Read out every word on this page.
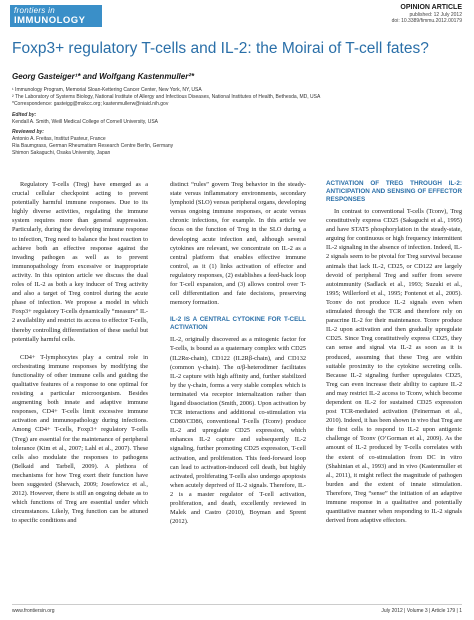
frontiers in
IMMUNOLOGY
OPINION ARTICLE
published: 12 July 2012
doi: 10.3389/fimmu.2012.00179
Foxp3+ regulatory T-cells and IL-2: the Moirai of T-cell fates?
Georg Gasteiger¹* and Wolfgang Kastenmuller²*
¹ Immunology Program, Memorial Sloan-Kettering Cancer Center, New York, NY, USA
² The Laboratory of Systems Biology, National Institute of Allergy and Infectious Diseases, National Institutes of Health, Bethesda, MD, USA
*Correspondence: gasteigg@mskcc.org; kastenmullerw@niaid.nih.gov
Edited by:
Kendall A. Smith, Weill Medical College of Cornell University, USA
Reviewed by:
Antonio A. Freitas, Institut Pasteur, France
Ria Baumgrass, German Rheumatism Research Centre Berlin, Germany
Shimon Sakaguchi, Osaka University, Japan

Regulatory T-cells (Treg) have emerged as a crucial cellular checkpoint acting to prevent potentially harmful immune responses. Due to its highly diverse activities, regulating the immune system requires more than general suppression. Particularly, during the developing immune response to infection, Treg need to balance the host reaction to achieve both an effective response against the invading pathogen as well as to prevent immunopathology from excessive or inappropriate activity. In this opinion article we discuss the dual roles of IL-2 as both a key inducer of Treg activity and also a target of Treg control during the acute phase of infection. We propose a model in which Foxp3+ regulatory T-cells dynamically “measure” IL-2 availability and restrict its access to effector T-cells, thereby controlling differentiation of these useful but potentially harmful cells.

CD4+ T-lymphocytes play a central role in orchestrating immune responses by modifying the functionality of other immune cells and guiding the qualitative features of a response to one optimal for resisting a particular microorganism. Besides augmenting both innate and adaptive immune responses, CD4+ T-cells limit excessive immune activation and immunopathology during infections. Among CD4+ T-cells, Foxp3+ regulatory T-cells (Treg) are essential for the maintenance of peripheral tolerance (Kim et al., 2007; Lahl et al., 2007). These cells also modulate the responses to pathogens (Belkaid and Tarbell, 2009). A plethora of mechanisms for how Treg exert their function have been suggested (Shevach, 2009; Josefowicz et al., 2012). However, there is still an ongoing debate as to which functions of Treg are essential under which circumstances. Likely, Treg function can be attuned to specific conditions and

distinct “rules” govern Treg behavior in the steady-state versus inflammatory environments, secondary lymphoid (SLO) versus peripheral organs, developing versus ongoing immune responses, or acute versus chronic infections, for example. In this article we focus on the function of Treg in the SLO during a developing acute infection and, although several cytokines are relevant, we concentrate on IL-2 as a central platform that enables effective immune control, as it (1) links activation of effector and regulatory responses, (2) establishes a feed-back loop for T-cell expansion, and (3) allows control over T-cell differentiation and fate decisions, preserving memory formation.

IL-2 IS A CENTRAL CYTOKINE FOR T-CELL ACTIVATION

IL-2, originally discovered as a mitogenic factor for T-cells, is bound as a quaternary complex with CD25 (IL2Rα-chain), CD122 (IL2Rβ-chain), and CD132 (common γ-chain). The α/β-heterodimer facilitates IL-2 capture with high affinity and, further stabilized by the γ-chain, forms a very stable complex which is terminated via receptor internalization rather than ligand dissociation (Smith, 2006). Upon activation by TCR interactions and additional co-stimulation via CD80/CD86, conventional T-cells (Tconv) produce IL-2 and upregulate CD25 expression, which enhances IL-2 capture and subsequently IL-2 signaling, further promoting CD25 expression, T-cell activation, and proliferation. This feed-forward loop can lead to activation-induced cell death, but highly activated, proliferating T-cells also undergo apoptosis when acutely deprived of IL-2 signals. Therefore, IL-2 is a master regulator of T-cell activation, proliferation, and death, excellently reviewed in Malek and Castro (2010), Boyman and Sprent (2012).

ACTIVATION OF TREG THROUGH IL-2: ANTICIPATION AND SENSING OF EFFECTOR RESPONSES

In contrast to conventional T-cells (Tconv), Treg constitutively express CD25 (Sakaguchi et al., 1995) and have STAT5 phosphorylation in the steady-state, arguing for continuous or high frequency intermittent IL-2 signaling in the absence of infection. Indeed, IL-2 signals seem to be pivotal for Treg survival because animals that lack IL-2, CD25, or CD122 are largely devoid of peripheral Treg and suffer from severe autoimmunity (Sadlack et al., 1993; Suzuki et al., 1995; Willerford et al., 1995; Fontenot et al., 2005). Tconv do not produce IL-2 signals even when stimulated through the TCR and therefore rely on paracrine IL-2 for their maintenance. Tconv produce IL-2 upon activation and then gradually upregulate CD25. Since Treg constitutively express CD25, they can sense and signal via IL-2 as soon as it is produced, assuming that these Treg are within suitable proximity to the cytokine secreting cells. Because IL-2 signaling further upregulates CD25, Treg can even increase their ability to capture IL-2 and may restrict IL-2 access to Tconv, which become dependent on IL-2 for sustained CD25 expression post TCR-mediated activation (Feinerman et al., 2010). Indeed, it has been shown in vivo that Treg are the first cells to respond to IL-2 upon antigenic challenge of Tconv (O’Gorman et al., 2009). As the amount of IL-2 produced by T-cells correlates with the extent of co-stimulation from DC in vitro (Shahinian et al., 1993) and in vivo (Kastenmuller et al., 2011), it might reflect the magnitude of pathogen burden and the extent of innate stimulation. Therefore, Treg “sense” the initiation of an adaptive immune response in a qualitative and potentially quantitative manner when responding to IL-2 signals derived from adaptive effectors.

www.frontiersin.org	July 2012 | Volume 3 | Article 179 | 1
